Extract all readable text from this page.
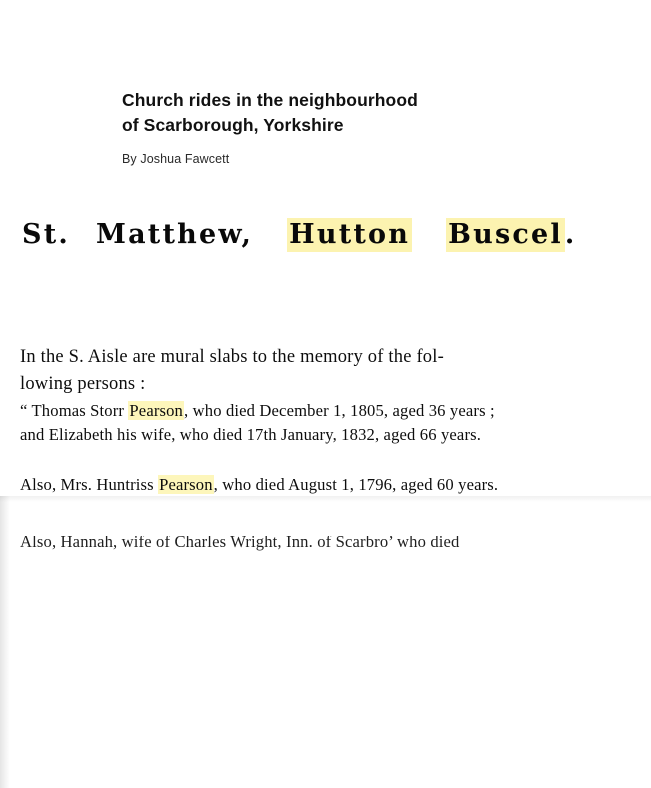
Church rides in the neighbourhood
of Scarborough, Yorkshire
By Joshua Fawcett
St. Matthew, Hutton Buscel.

In the S. Aisle are mural slabs to the memory of the fol-
lowing persons :

“ Thomas Storr Pearson, who died December 1, 1805, aged 36 years ;
and Elizabeth his wife, who died 17th January, 1832, aged 66 years.

Also, Mrs. Huntriss Pearson, who died August 1, 1796, aged 60 years.

Also, Hannah, wife of Charles Wright, Inn. of Scarbro’ who died
